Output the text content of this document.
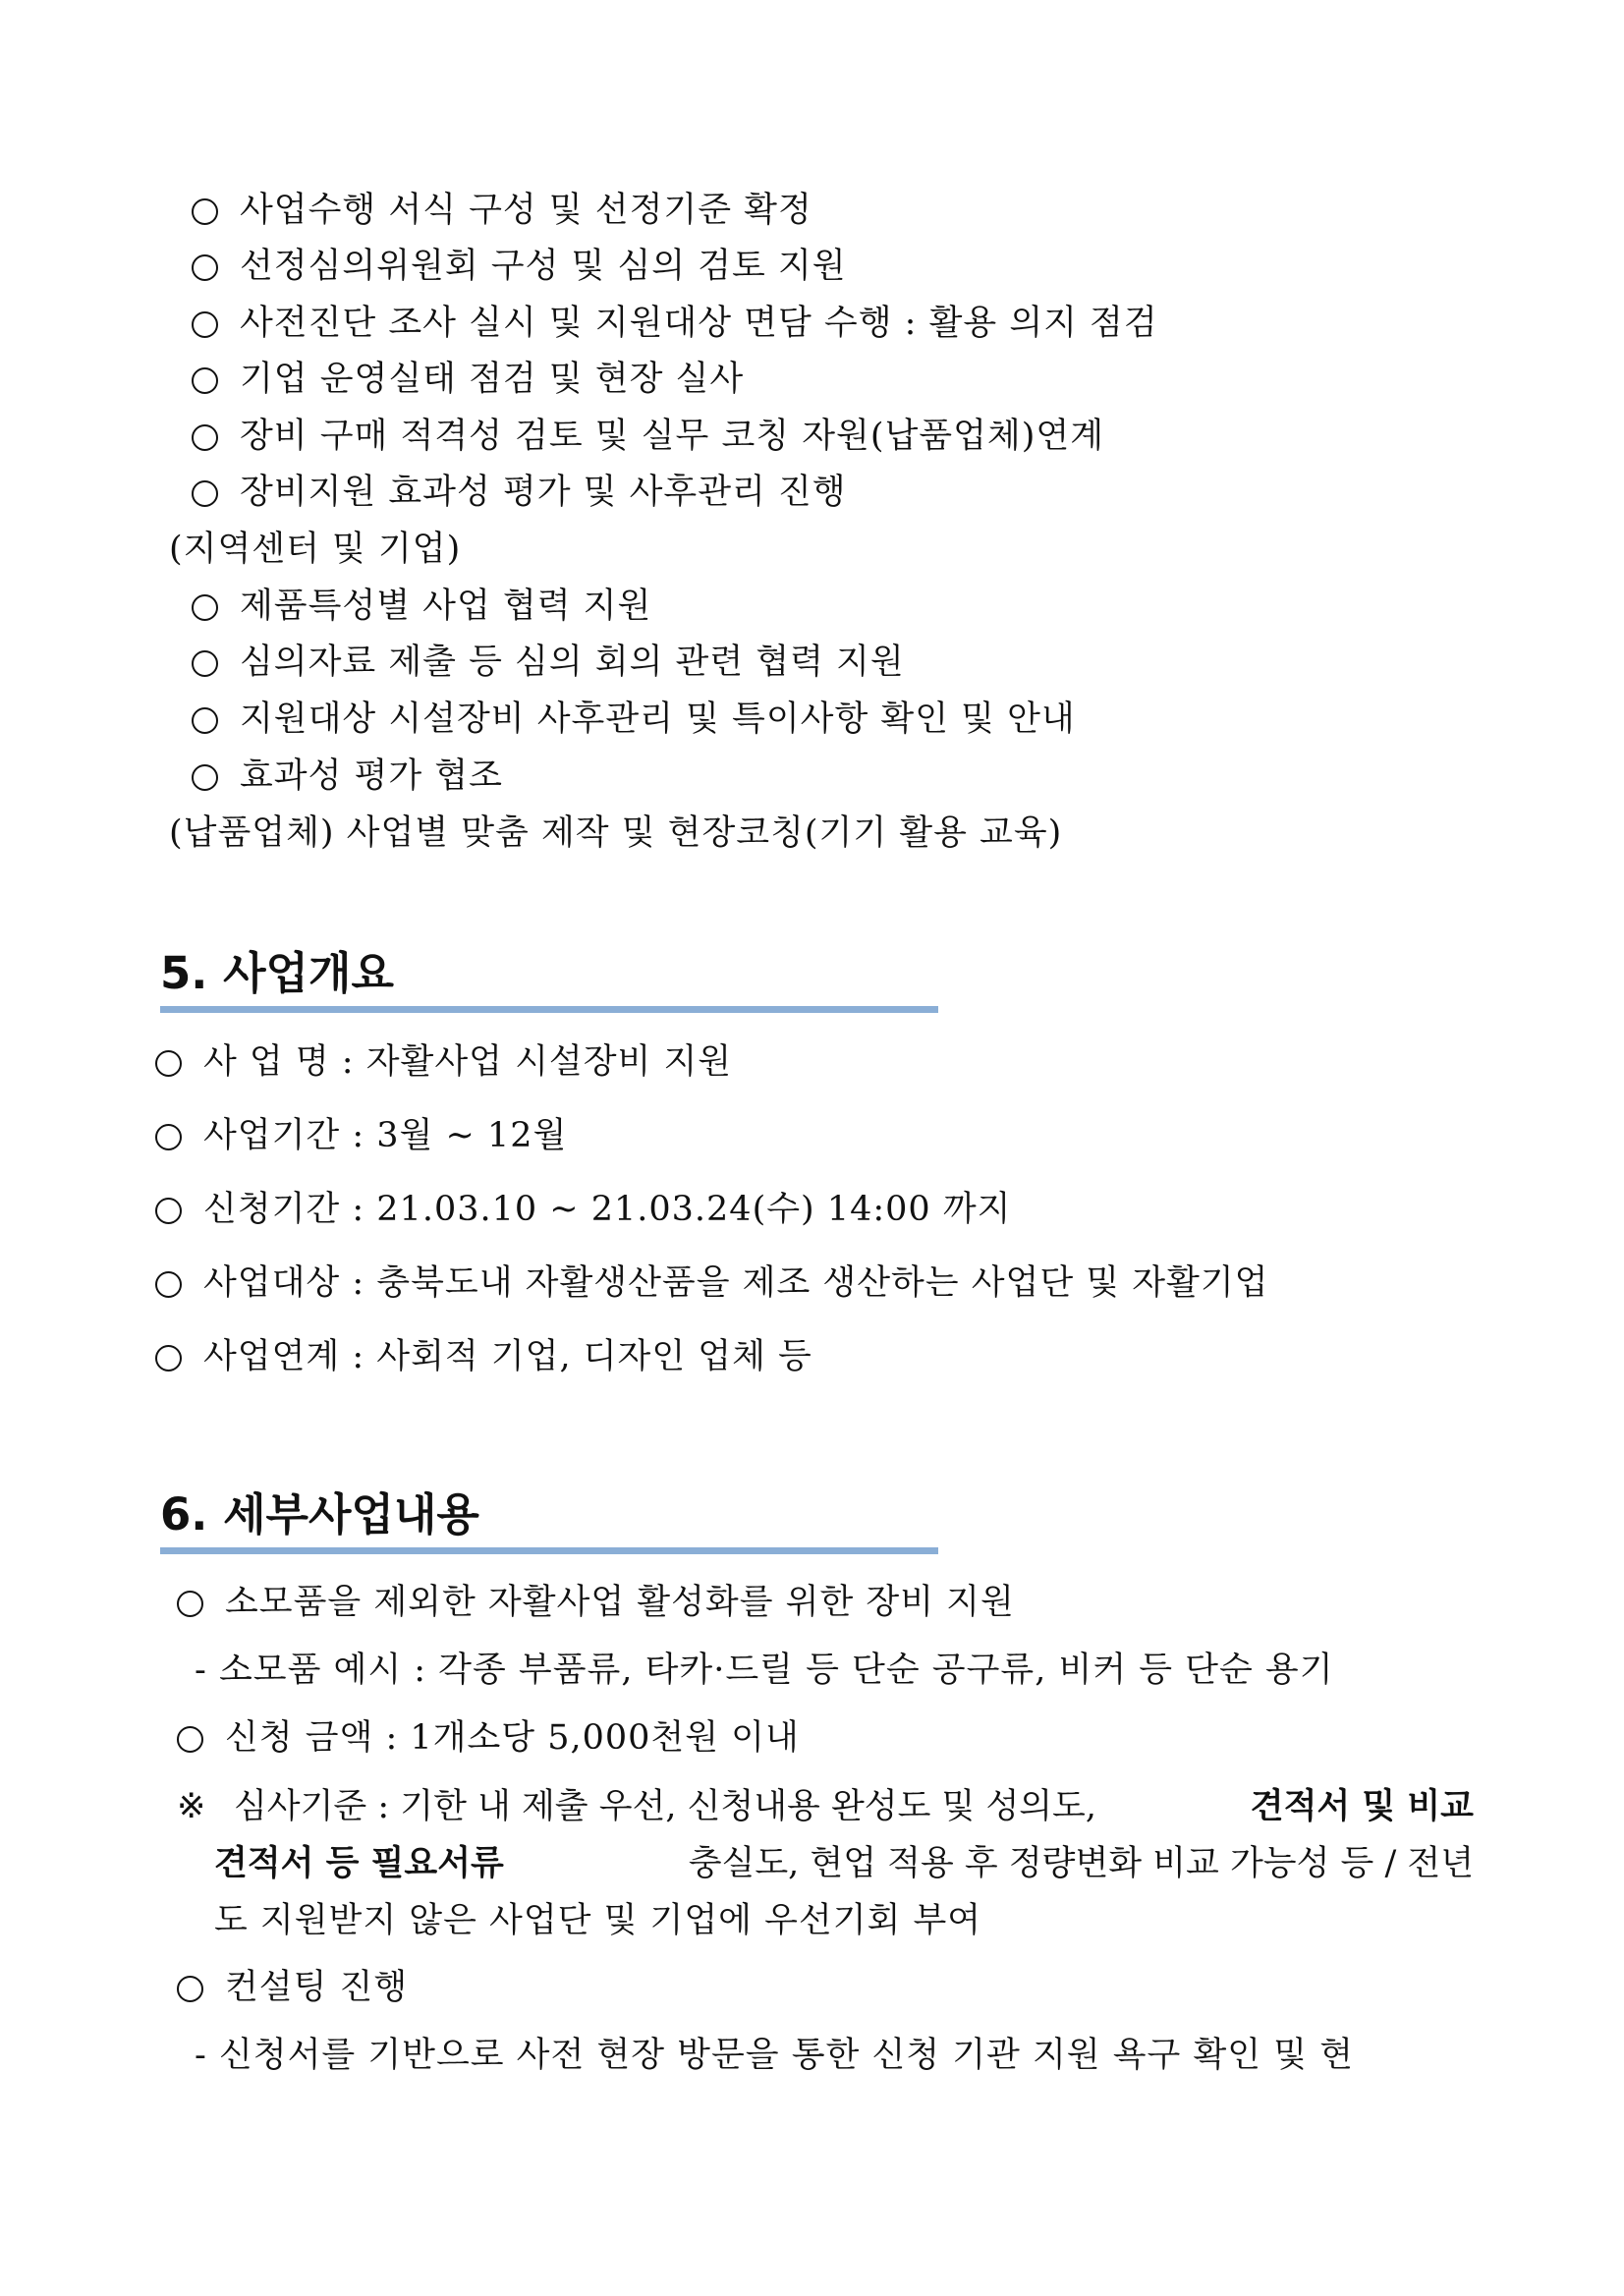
사업수행 서식 구성 및 선정기준 확정
선정심의위원회 구성 및 심의 검토 지원
사전진단 조사 실시 및 지원대상 면담 수행 : 활용 의지 점검
기업 운영실태 점검 및 현장 실사
장비 구매 적격성 검토 및 실무 코칭 자원(납품업체)연계
장비지원 효과성 평가 및 사후관리 진행
(지역센터 및 기업)
제품특성별 사업 협력 지원
심의자료 제출 등 심의 회의 관련 협력 지원
지원대상 시설장비 사후관리 및 특이사항 확인 및 안내
효과성 평가 협조
(납품업체) 사업별 맞춤 제작 및 현장코칭(기기 활용 교육)
5. 사업개요
사 업 명 : 자활사업 시설장비 지원
사업기간 : 3월 ~ 12월
신청기간 : 21.03.10 ~ 21.03.24(수) 14:00 까지
사업대상 : 충북도내 자활생산품을 제조 생산하는 사업단 및 자활기업
사업연계 : 사회적 기업, 디자인 업체 등
6. 세부사업내용
소모품을 제외한 자활사업 활성화를 위한 장비 지원
- 소모품 예시 : 각종 부품류, 타카·드릴 등 단순 공구류, 비커 등 단순 용기
신청 금액 : 1개소당 5,000천원 이내
※ 심사기준 : 기한 내 제출 우선, 신청내용 완성도 및 성의도,	견적서 및 비교
견적서 등 필요서류	충실도, 현업 적용 후 정량변화 비교 가능성 등 / 전년
도 지원받지 않은 사업단 및 기업에 우선기회 부여
컨설팅 진행
- 신청서를 기반으로 사전 현장 방문을 통한 신청 기관 지원 욕구 확인 및 현
